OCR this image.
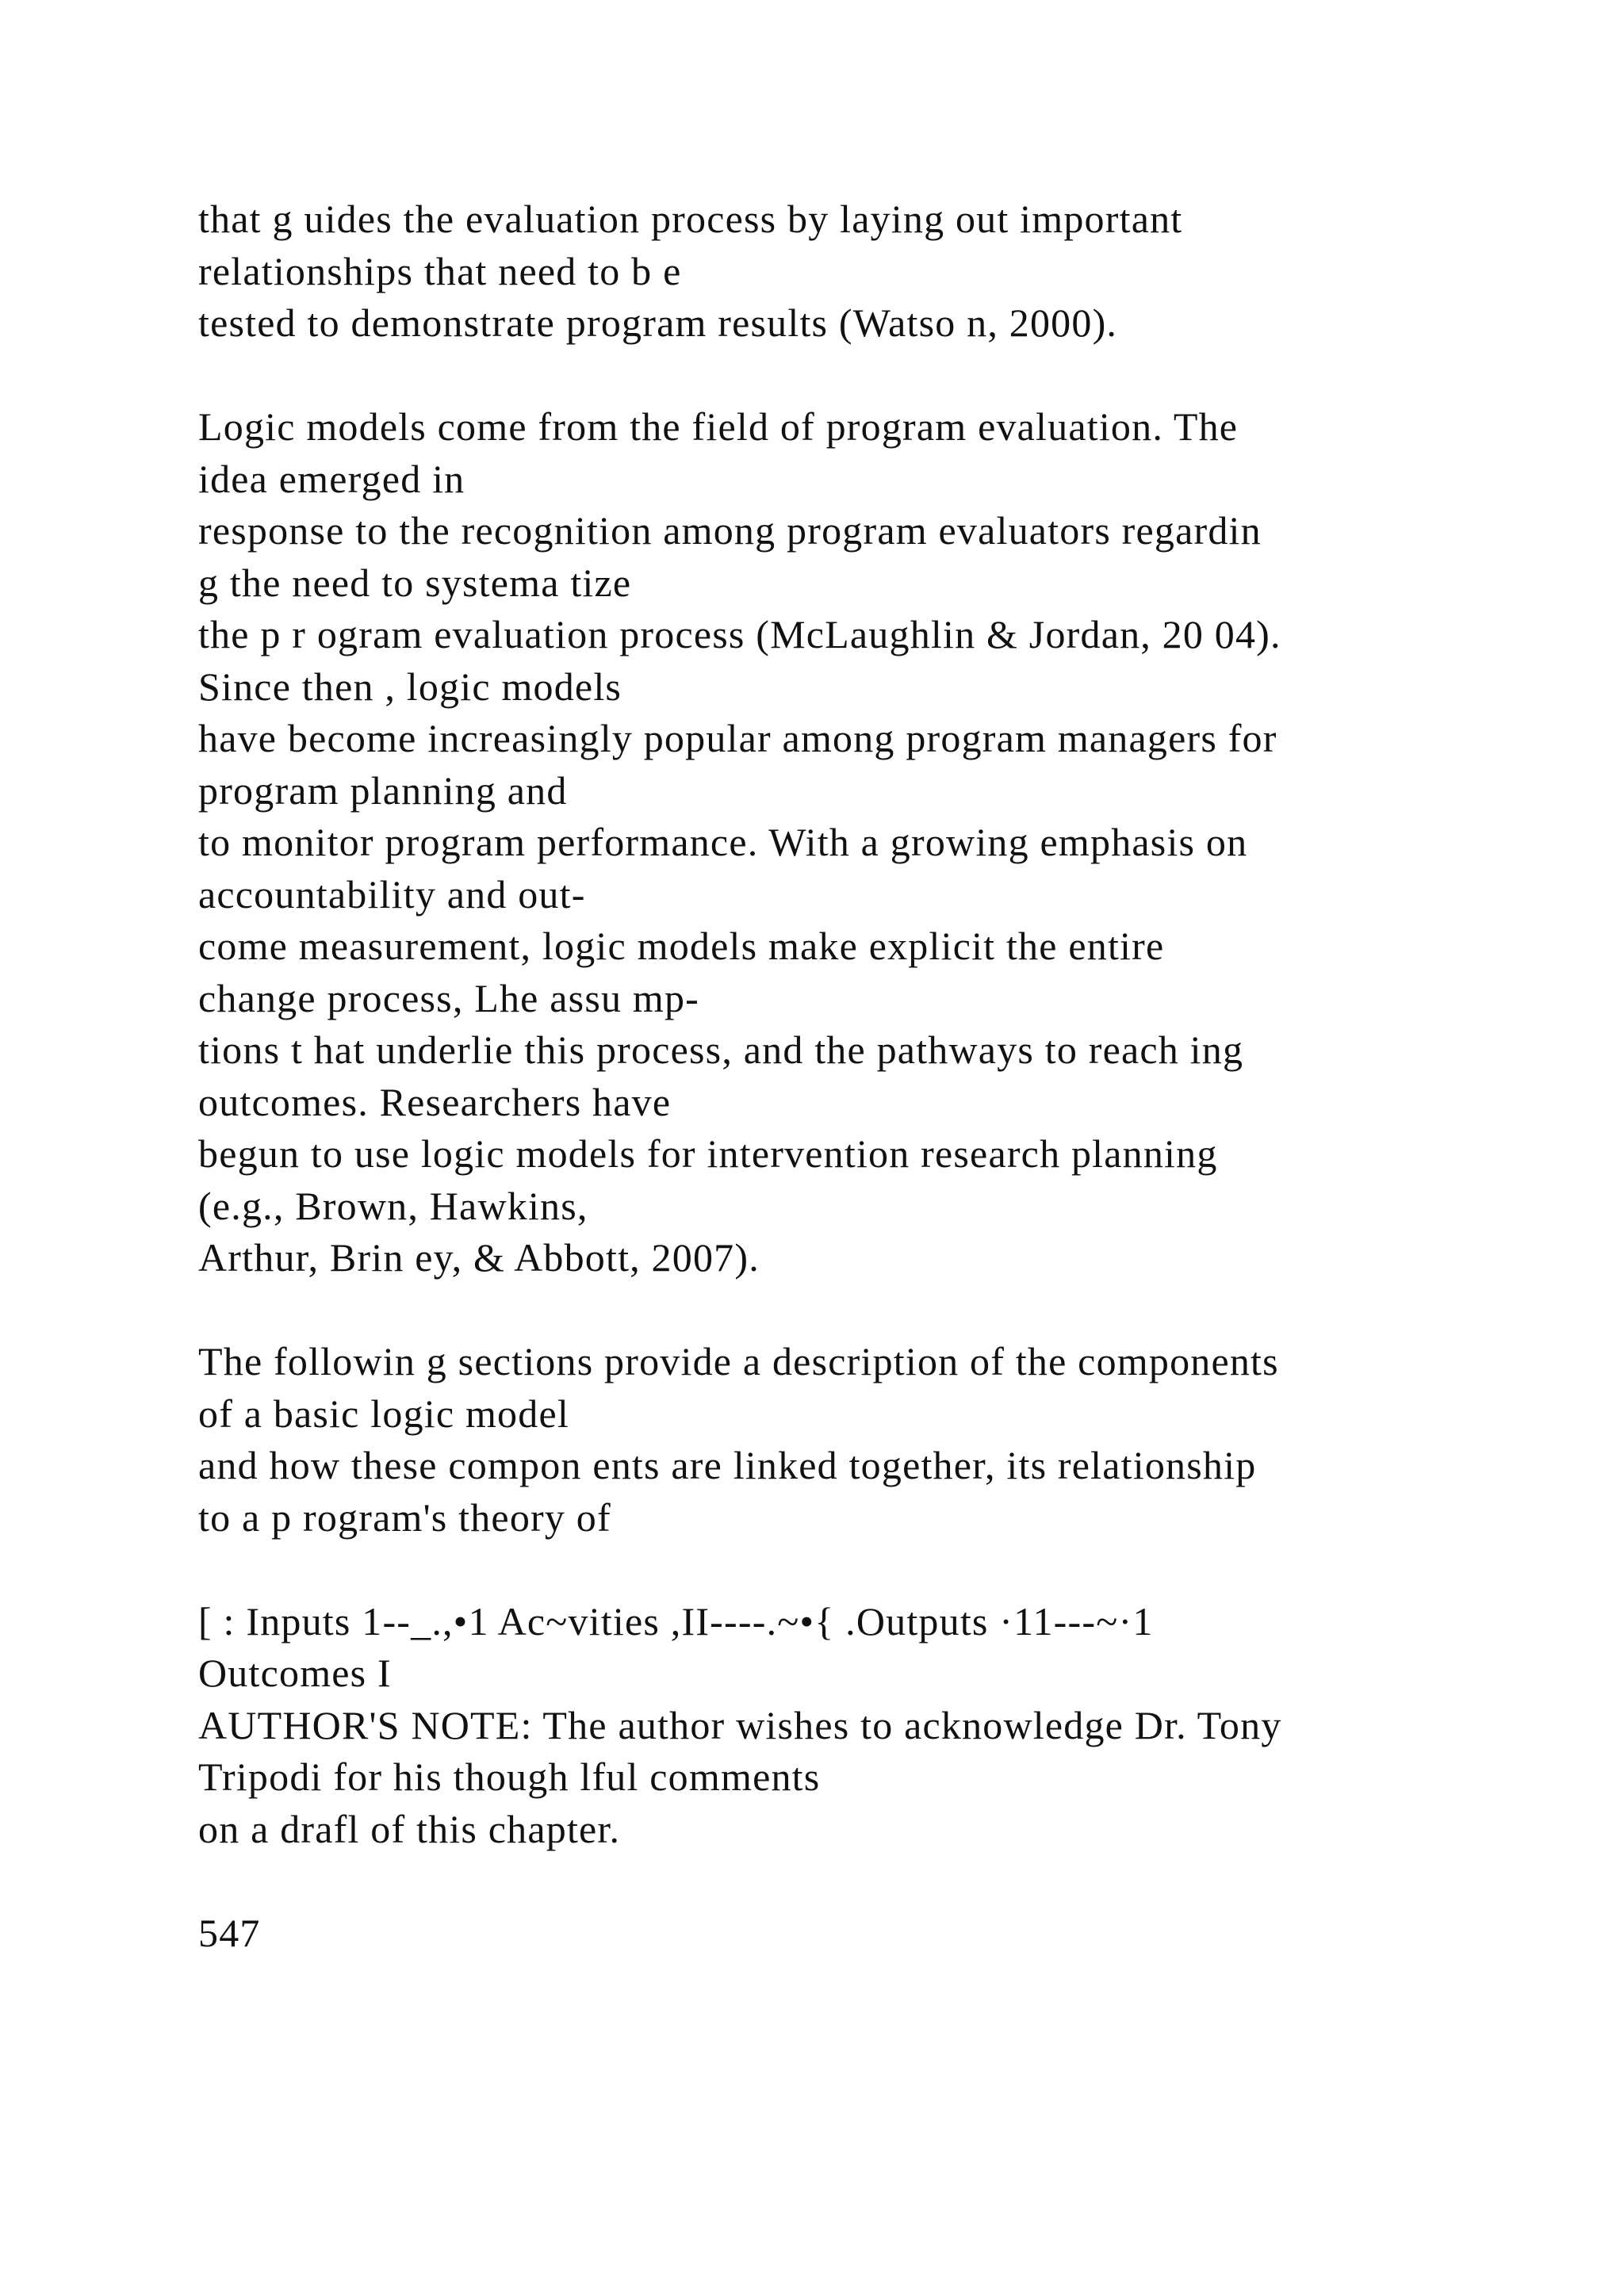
that g uides the evaluation process by laying out important
relationships that need to b e
tested to demonstrate program results (Watso n, 2000).
Logic models come from the field of program evaluation. The
idea emerged in
response to the recognition among program evaluators regardin
g the need to systema tize
the p r ogram evaluation process (McLaughlin & Jordan, 20 04).
Since then , logic models
have become increasingly popular among program managers for
program planning and
to monitor program performance. With a growing emphasis on
accountability and out-
come measurement, logic models make explicit the entire
change process, Lhe assu mp-
tions t hat underlie this process, and the pathways to reach ing
outcomes. Researchers have
begun to use logic models for intervention research planning
(e.g., Brown, Hawkins,
Arthur, Brin ey, & Abbott, 2007).
The followin g sections provide a description of the components
of a basic logic model
and how these compon ents are linked together, its relationship
to a p rogram's theory of
[ : Inputs 1--_.,•1 Ac~vities ,II----.~•{ .Outputs ·11---~·1
Outcomes I
AUTHOR'S NOTE: The author wishes to acknowledge Dr. Tony
Tripodi for his though lful comments
on a drafl of this chapter.
547
